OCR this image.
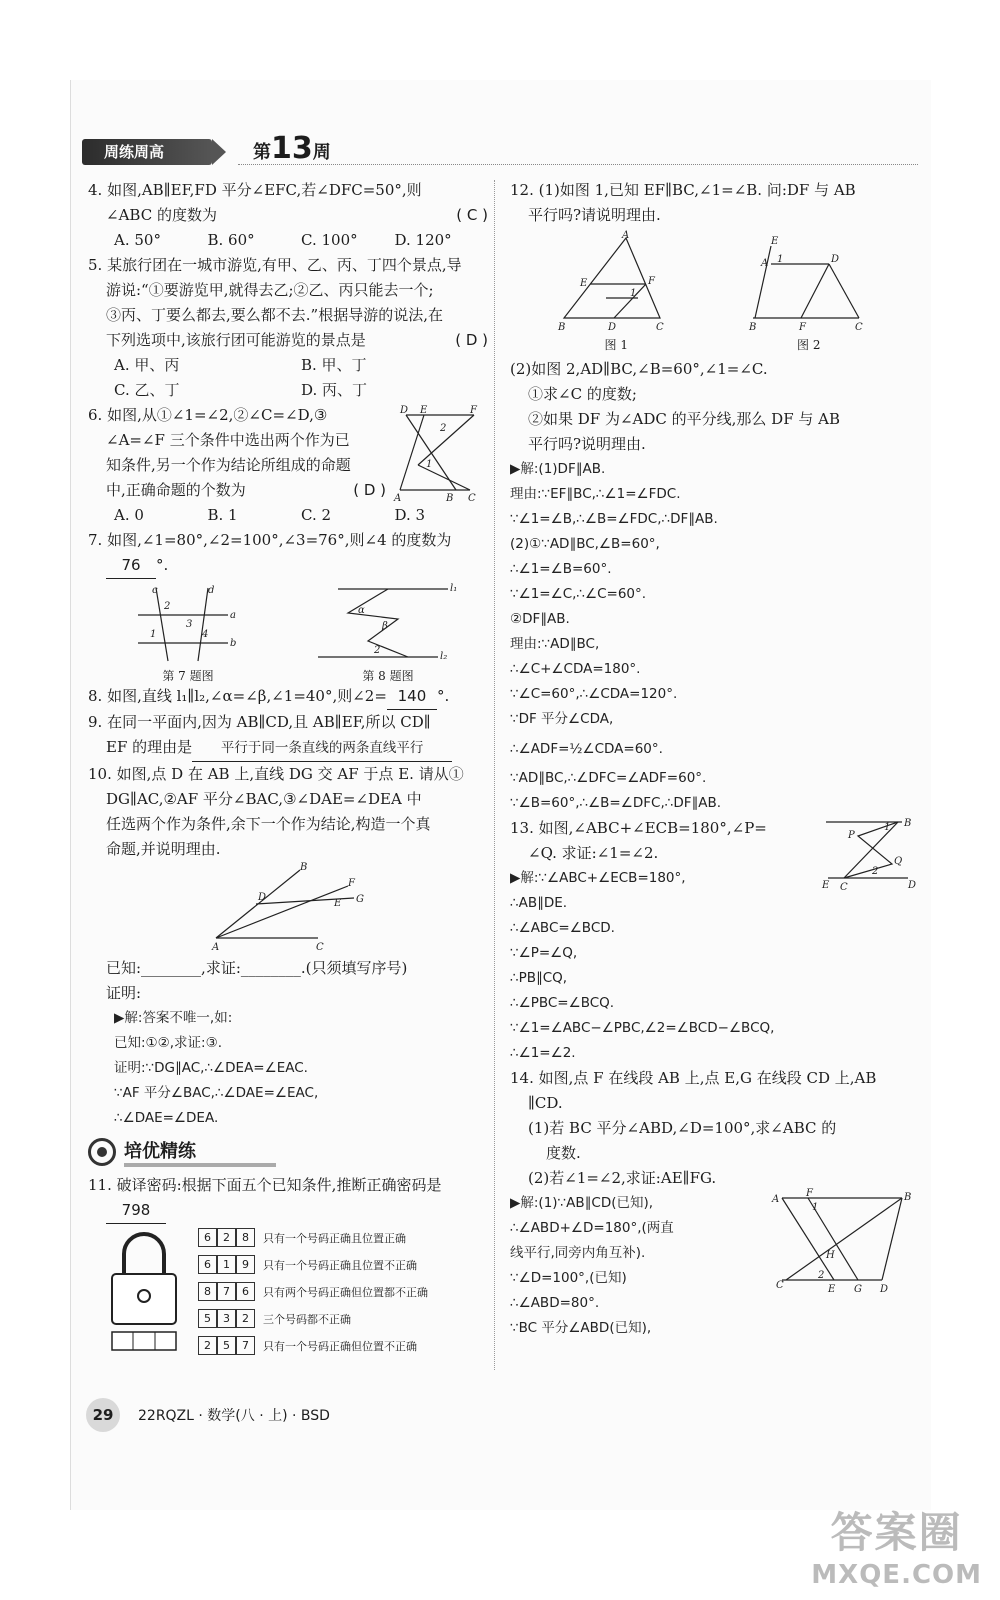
周练周高	第13周

4. 如图,AB∥EF,FD 平分∠EFC,若∠DFC=50°,则

∠ABC 的度数为	( C )

A. 50°	B. 60°	C. 100°	D. 120°

5. 某旅行团在一城市游览,有甲、乙、丙、丁四个景点,导

游说:“①要游览甲,就得去乙;②乙、丙只能去一个;

③丙、丁要么都去,要么都不去.”根据导游的说法,在

下列选项中,该旅行团可能游览的景点是	( D )

A. 甲、丙	B. 甲、丁
C. 乙、丁	D. 丙、丁

6. 如图,从①∠1=∠2,②∠C=∠D,③

∠A=∠F 三个条件中选出两个作为已

知条件,另一个作为结论所组成的命题

中,正确命题的个数为	( D )

A. 0	B. 1	C. 2	D. 3
D E	F
A	B C
2
1

7. 如图,∠1=80°,∠2=100°,∠3=76°,则∠4 的度数为

76 °.

c	d
a
b
2
1
3
4
第 7 题图
l₁
l₂
α
β
2
第 8 题图

8. 如图,直线 l₁∥l₂,∠α=∠β,∠1=40°,则∠2= 140 °.

9. 在同一平面内,因为 AB∥CD,且 AB∥EF,所以 CD∥

EF 的理由是 平行于同一条直线的两条直线平行

10. 如图,点 D 在 AB 上,直线 DG 交 AF 于点 E. 请从①

DG∥AC,②AF 平分∠BAC,③∠DAE=∠DEA 中

任选两个作为条件,余下一个作为结论,构造一个真

命题,并说明理由.

A	C
B
D
E
F
G

已知:________,求证:________.(只须填写序号)

证明:

▶解:答案不唯一,如:

已知:①②,求证:③.

证明:∵DG∥AC,∴∠DEA=∠EAC.

∵AF 平分∠BAC,∴∠DAE=∠EAC,

∴∠DAE=∠DEA.

培优精练

11. 破译密码:根据下面五个已知条件,推断正确密码是

798

6	2	8	只有一个号码正确且位置正确
6	1	9	只有一个号码正确且位置不正确
8	7	6	只有两个号码正确但位置都不正确
5	3	2	三个号码都不正确
2	5	7	只有一个号码正确但位置不正确

12. (1)如图 1,已知 EF∥BC,∠1=∠B. 问:DF 与 AB

平行吗?请说明理由.

A
B	D	C
E	F
1
图 1
E
A 1	D
B	F	C
图 2

(2)如图 2,AD∥BC,∠B=60°,∠1=∠C.

①求∠C 的度数;

②如果 DF 为∠ADC 的平分线,那么 DF 与 AB

平行吗?说明理由.

▶解:(1)DF∥AB.

理由:∵EF∥BC,∴∠1=∠FDC.

∵∠1=∠B,∴∠B=∠FDC,∴DF∥AB.

(2)①∵AD∥BC,∠B=60°,

∴∠1=∠B=60°.

∵∠1=∠C,∴∠C=60°.

②DF∥AB.

理由:∵AD∥BC,

∴∠C+∠CDA=180°.

∵∠C=60°,∴∠CDA=120°.

∵DF 平分∠CDA,

∴∠ADF=½∠CDA=60°.

∵AD∥BC,∴∠DFC=∠ADF=60°.

∵∠B=60°,∴∠B=∠DFC,∴DF∥AB.

13. 如图,∠ABC+∠ECB=180°,∠P=

∠Q. 求证:∠1=∠2.

▶解:∵∠ABC+∠ECB=180°,

∴AB∥DE.

∴∠ABC=∠BCD.

∵∠P=∠Q,

∴PB∥CQ,

∴∠PBC=∠BCQ.

∵∠1=∠ABC−∠PBC,∠2=∠BCD−∠BCQ,

∴∠1=∠2.

B
P
Q
E C	D
1
2

14. 如图,点 F 在线段 AB 上,点 E,G 在线段 CD 上,AB

∥CD.

(1)若 BC 平分∠ABD,∠D=100°,求∠ABC 的

度数.

(2)若∠1=∠2,求证:AE∥FG.

▶解:(1)∵AB∥CD(已知),

∴∠ABD+∠D=180°,(两直

线平行,同旁内角互补).

∵∠D=100°,(已知)

∴∠ABD=80°.

∵BC 平分∠ABD(已知),

A
F	B
1
H
C	E G D
2
29	22RQZL · 数学(八 · 上) · BSD
答案圈
MXQE.COM
